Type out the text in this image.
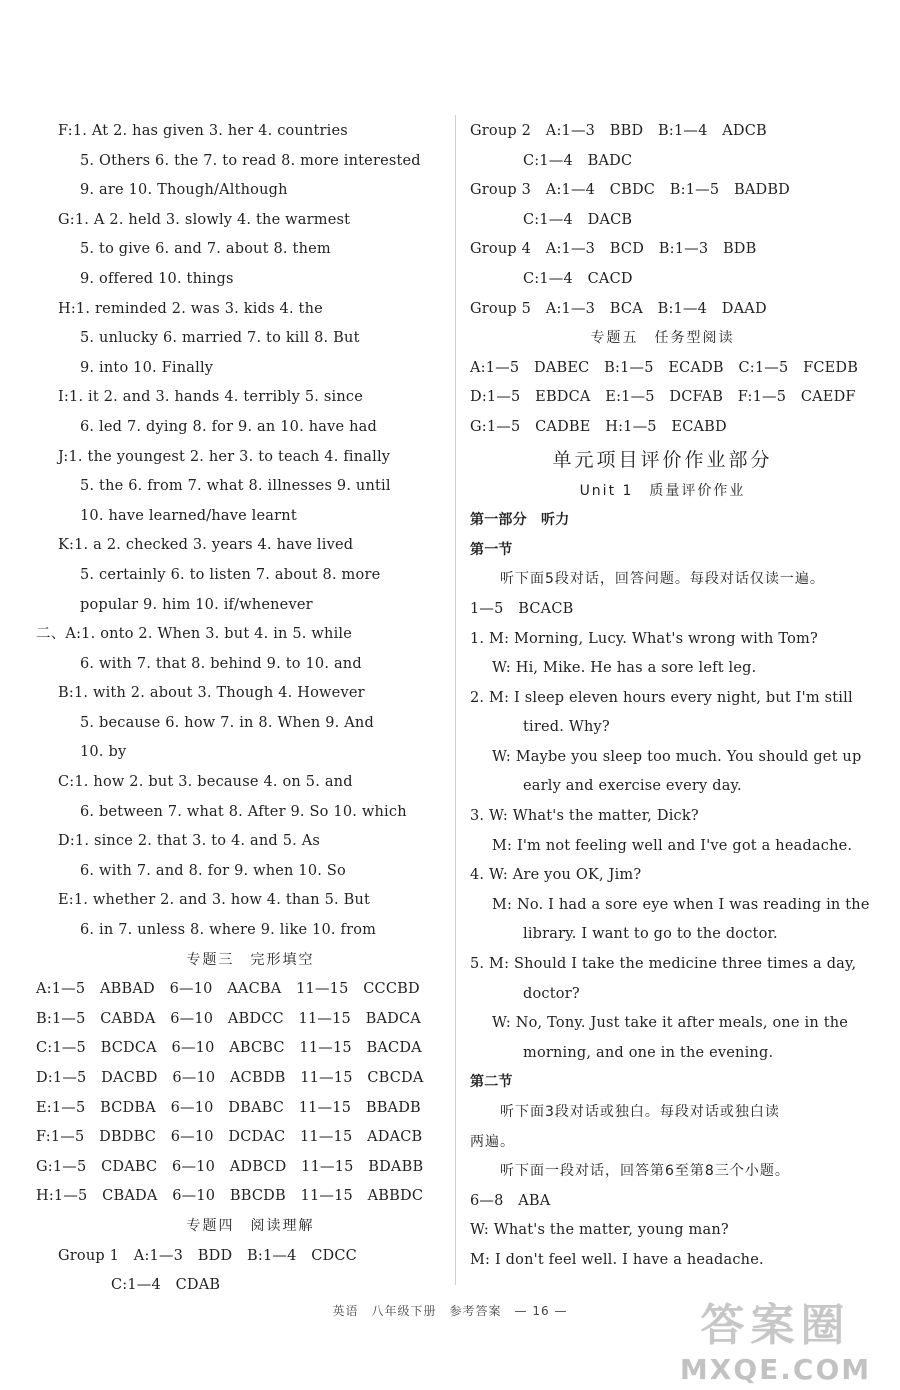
F:1. At 2. has given 3. her 4. countries
5. Others 6. the 7. to read 8. more interested
9. are 10. Though/Although
G:1. A 2. held 3. slowly 4. the warmest
5. to give 6. and 7. about 8. them
9. offered 10. things
H:1. reminded 2. was 3. kids 4. the
5. unlucky 6. married 7. to kill 8. But
9. into 10. Finally
I:1. it 2. and 3. hands 4. terribly 5. since
6. led 7. dying 8. for 9. an 10. have had
J:1. the youngest 2. her 3. to teach 4. finally
5. the 6. from 7. what 8. illnesses 9. until
10. have learned/have learnt
K:1. a 2. checked 3. years 4. have lived
5. certainly 6. to listen 7. about 8. more
popular 9. him 10. if/whenever
二、A:1. onto 2. When 3. but 4. in 5. while
6. with 7. that 8. behind 9. to 10. and
B:1. with 2. about 3. Though 4. However
5. because 6. how 7. in 8. When 9. And
10. by
C:1. how 2. but 3. because 4. on 5. and
6. between 7. what 8. After 9. So 10. which
D:1. since 2. that 3. to 4. and 5. As
6. with 7. and 8. for 9. when 10. So
E:1. whether 2. and 3. how 4. than 5. But
6. in 7. unless 8. where 9. like 10. from
专题三　完形填空
A:1—5　ABBAD　6—10　AACBA　11—15　CCCBD
B:1—5　CABDA　6—10　ABDCC　11—15　BADCA
C:1—5　BCDCA　6—10　ABCBC　11—15　BACDA
D:1—5　DACBD　6—10　ACBDB　11—15　CBCDA
E:1—5　BCDBA　6—10　DBABC　11—15　BBADB
F:1—5　DBDBC　6—10　DCDAC　11—15　ADACB
G:1—5　CDABC　6—10　ADBCD　11—15　BDABB
H:1—5　CBADA　6—10　BBCDB　11—15　ABBDC
专题四　阅读理解
Group 1　A:1—3　BDD　B:1—4　CDCC
C:1—4　CDAB
Group 2　A:1—3　BBD　B:1—4　ADCB
C:1—4　BADC
Group 3　A:1—4　CBDC　B:1—5　BADBD
C:1—4　DACB
Group 4　A:1—3　BCD　B:1—3　BDB
C:1—4　CACD
Group 5　A:1—3　BCA　B:1—4　DAAD
专题五　任务型阅读
A:1—5　DABEC　B:1—5　ECADB　C:1—5　FCEDB
D:1—5　EBDCA　E:1—5　DCFAB　F:1—5　CAEDF
G:1—5　CADBE　H:1—5　ECABD
单元项目评价作业部分
Unit 1　质量评价作业
第一部分　听力
第一节
听下面5段对话，回答问题。每段对话仅读一遍。
1—5　BCACB
1. M: Morning, Lucy. What's wrong with Tom?
W: Hi, Mike. He has a sore left leg.
2. M: I sleep eleven hours every night, but I'm still
tired. Why?
W: Maybe you sleep too much. You should get up
early and exercise every day.
3. W: What's the matter, Dick?
M: I'm not feeling well and I've got a headache.
4. W: Are you OK, Jim?
M: No. I had a sore eye when I was reading in the
library. I want to go to the doctor.
5. M: Should I take the medicine three times a day,
doctor?
W: No, Tony. Just take it after meals, one in the
morning, and one in the evening.
第二节
听下面3段对话或独白。每段对话或独白读
两遍。
听下面一段对话，回答第6至第8三个小题。
6—8　ABA
W: What's the matter, young man?
M: I don't feel well. I have a headache.
英语　八年级下册　参考答案　— 16 —	答案圈
MXQE.COM
